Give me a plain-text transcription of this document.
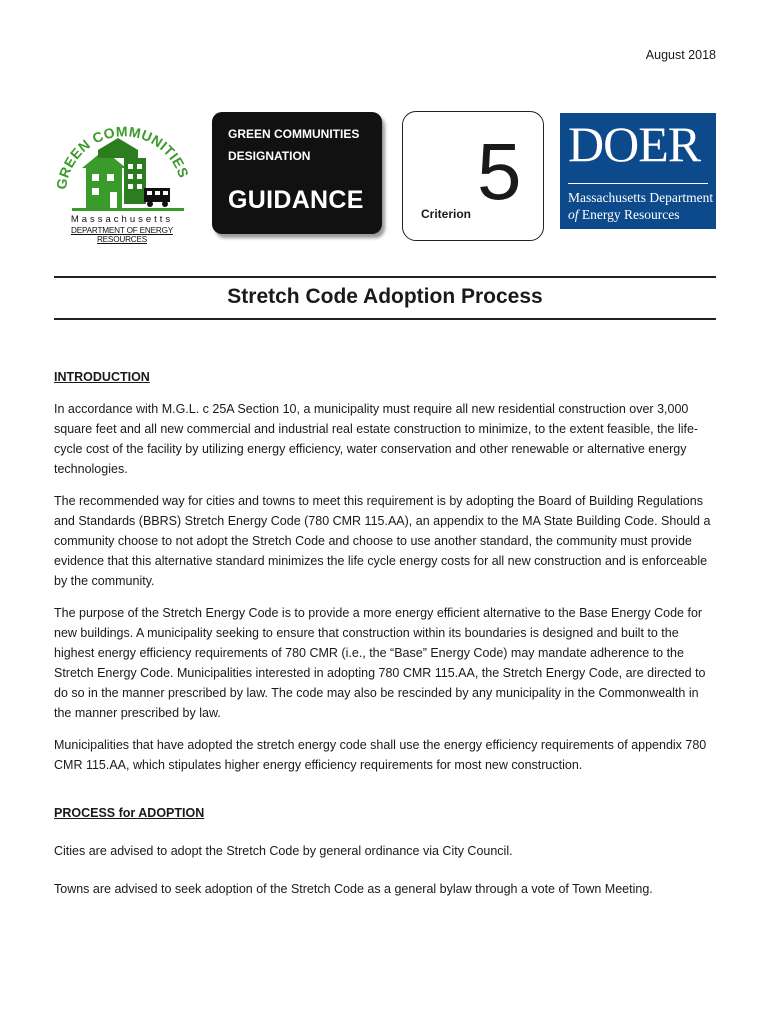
August 2018
GREEN COMMUNITIES
Massachusetts
DEPARTMENT OF ENERGY RESOURCES
GREEN COMMUNITIES
DESIGNATION
GUIDANCE	Criterion 5 DOER
Massachusetts Department
of Energy Resources
Stretch Code Adoption Process

INTRODUCTION

In accordance with M.G.L. c 25A Section 10, a municipality must require all new residential construction over 3,000 square feet and all new commercial and industrial real estate construction to minimize, to the extent feasible, the life-cycle cost of the facility by utilizing energy efficiency, water conservation and other renewable or alternative energy technologies.

The recommended way for cities and towns to meet this requirement is by adopting the Board of Building Regulations and Standards (BBRS) Stretch Energy Code (780 CMR 115.AA), an appendix to the MA State Building Code. Should a community choose to not adopt the Stretch Code and choose to use another standard, the community must provide evidence that this alternative standard minimizes the life cycle energy costs for all new construction and is enforceable by the community.

The purpose of the Stretch Energy Code is to provide a more energy efficient alternative to the Base Energy Code for new buildings. A municipality seeking to ensure that construction within its boundaries is designed and built to the highest energy efficiency requirements of 780 CMR (i.e., the “Base” Energy Code) may mandate adherence to the Stretch Energy Code. Municipalities interested in adopting 780 CMR 115.AA, the Stretch Energy Code, are directed to do so in the manner prescribed by law. The code may also be rescinded by any municipality in the Commonwealth in the manner prescribed by law.

Municipalities that have adopted the stretch energy code shall use the energy efficiency requirements of appendix 780 CMR 115.AA, which stipulates higher energy efficiency requirements for most new construction.

PROCESS for ADOPTION

Cities are advised to adopt the Stretch Code by general ordinance via City Council.

Towns are advised to seek adoption of the Stretch Code as a general bylaw through a vote of Town Meeting.
